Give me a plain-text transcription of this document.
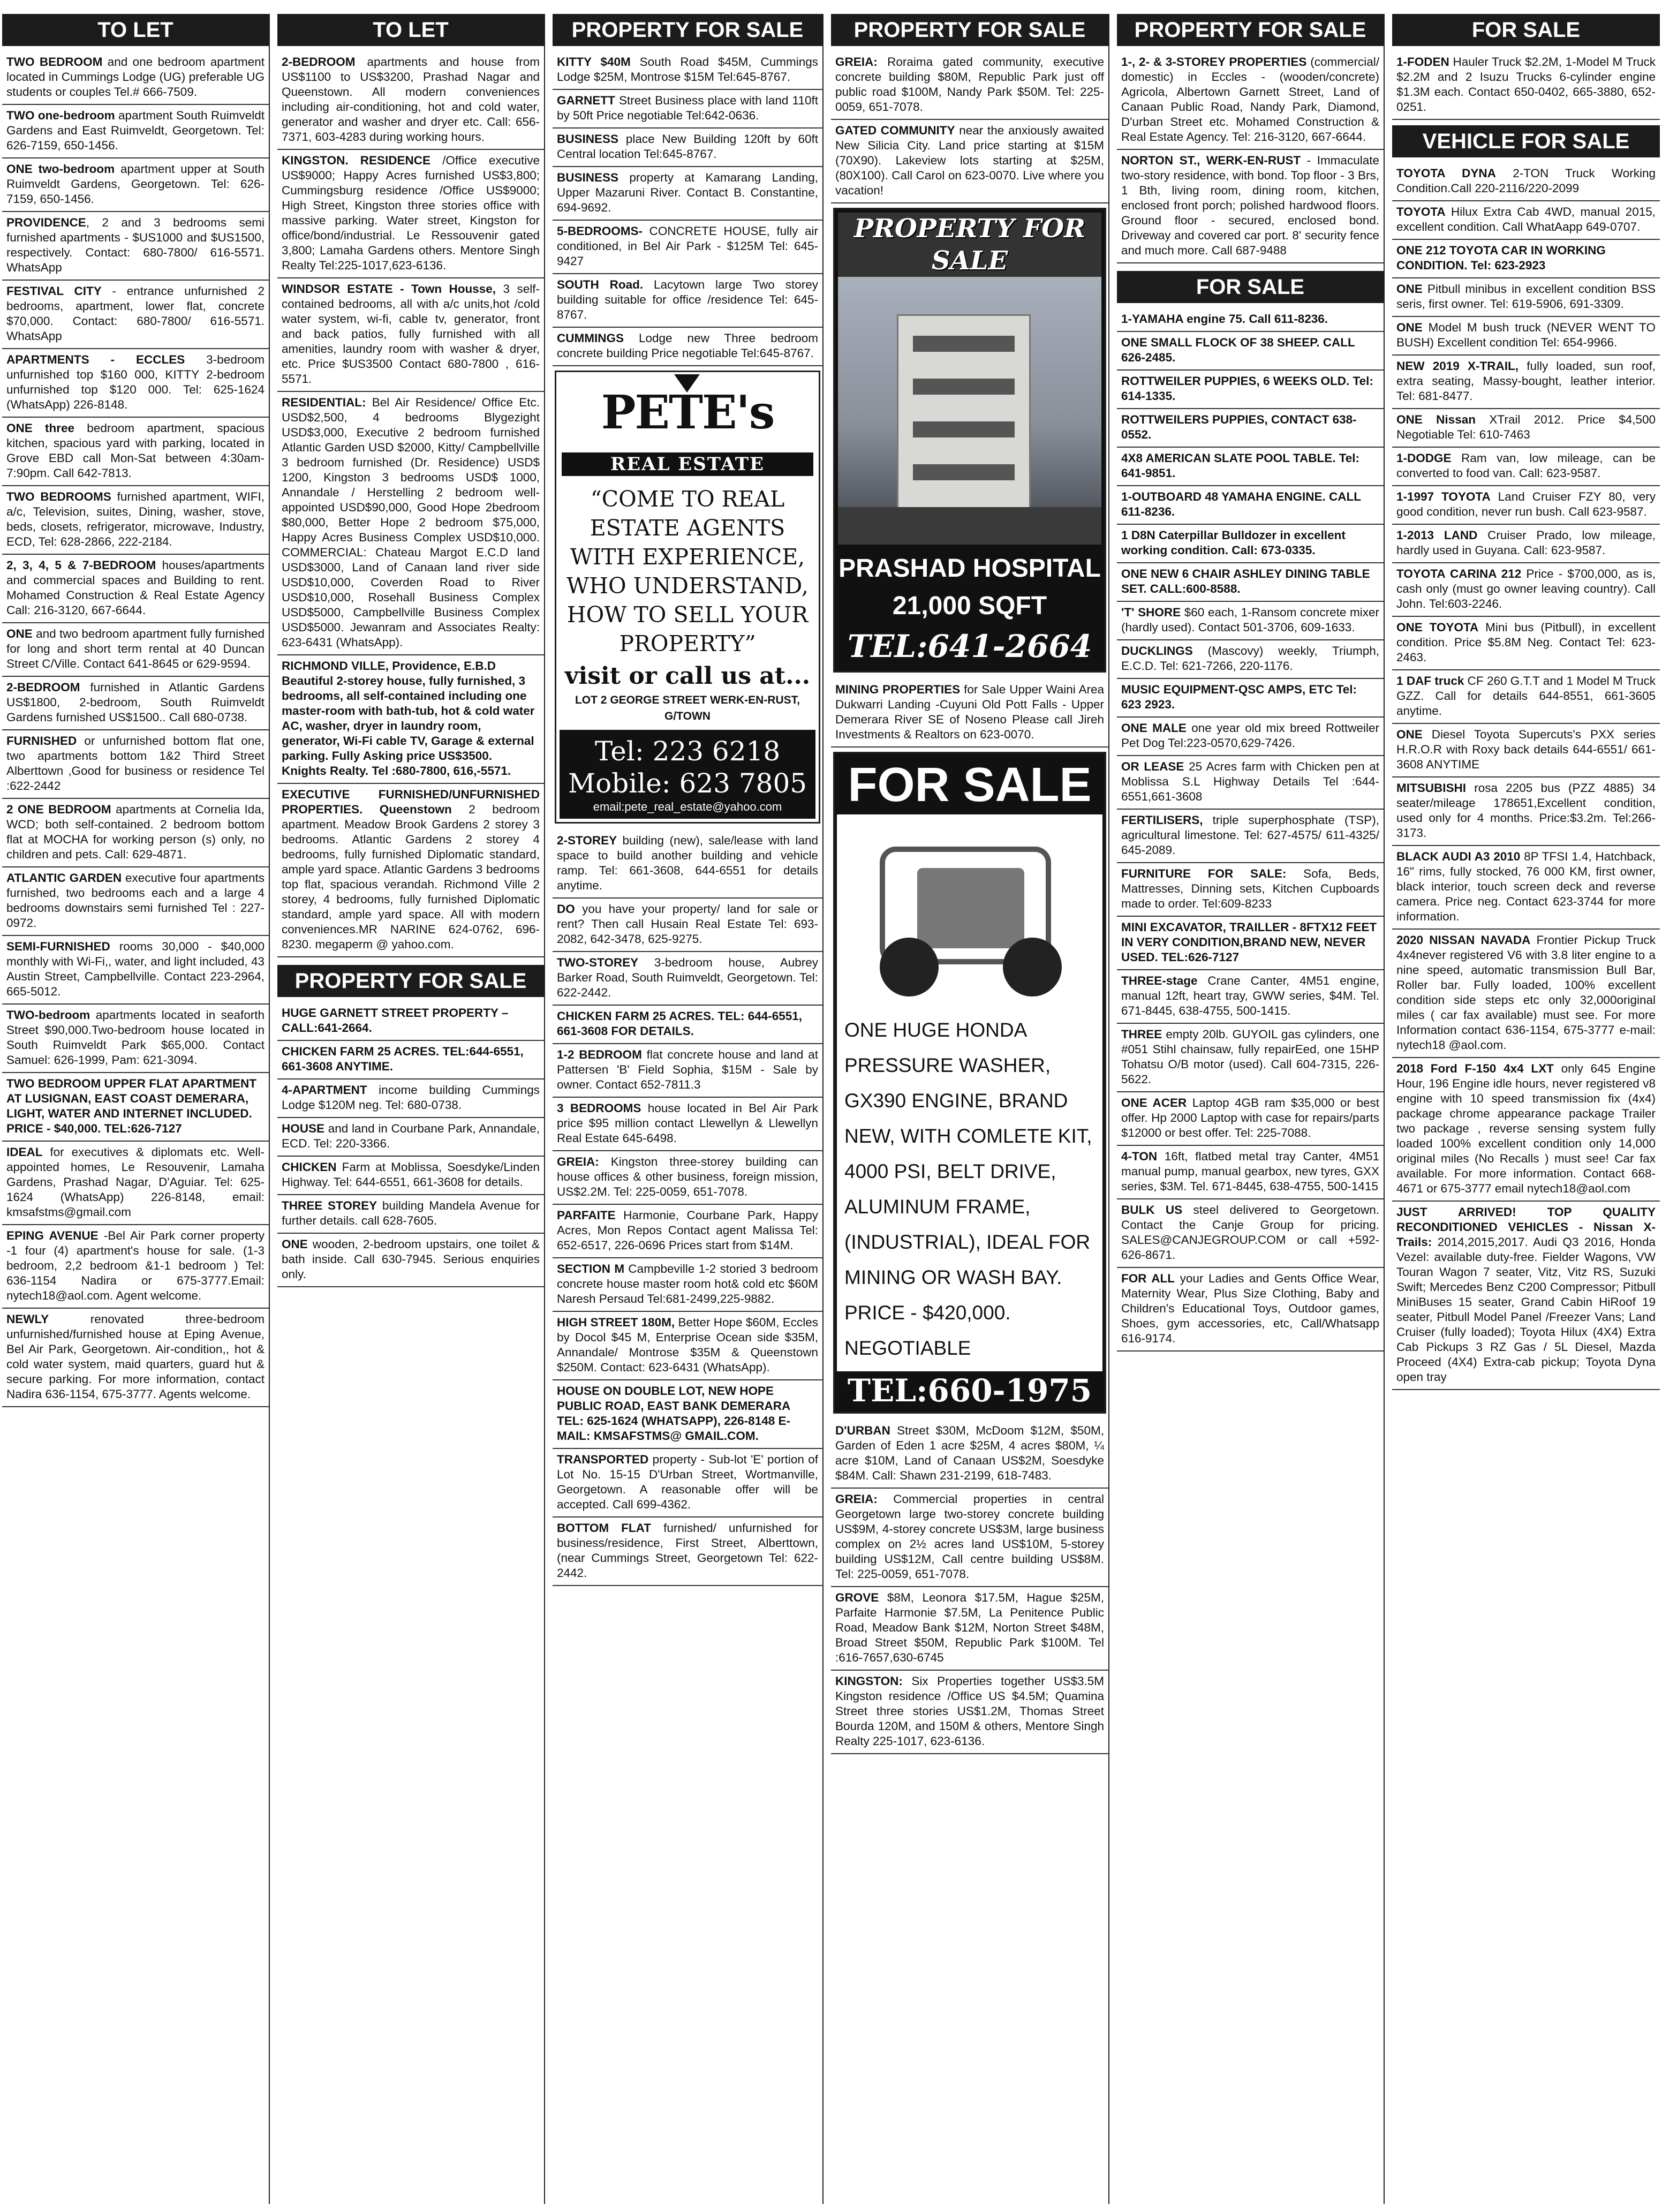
TO LET
TWO BEDROOM and one bedroom apartment located in Cummings Lodge (UG) preferable UG students or couples Tel.# 666-7509.
TWO one-bedroom apartment South Ruimveldt Gardens and East Ruimveldt, Georgetown. Tel: 626-7159, 650-1456.
ONE two-bedroom apartment upper at South Ruimveldt Gardens, Georgetown. Tel: 626-7159, 650-1456.
PROVIDENCE, 2 and 3 bedrooms semi furnished apartments - $US1000 and $US1500, respectively. Contact: 680-7800/ 616-5571. WhatsApp
FESTIVAL CITY - entrance unfurnished 2 bedrooms, apartment, lower flat, concrete $70,000. Contact: 680-7800/ 616-5571. WhatsApp
APARTMENTS - ECCLES 3-bedroom unfurnished top $160 000, KITTY 2-bedroom unfurnished top $120 000. Tel: 625-1624 (WhatsApp) 226-8148.
ONE three bedroom apartment, spacious kitchen, spacious yard with parking, located in Grove EBD call Mon-Sat between 4:30am-7:90pm. Call 642-7813.
TWO BEDROOMS furnished apartment, WIFI, a/c, Television, suites, Dining, washer, stove, beds, closets, refrigerator, microwave, Industry, ECD, Tel: 628-2866, 222-2184.
2, 3, 4, 5 & 7-BEDROOM houses/apartments and commercial spaces and Building to rent. Mohamed Construction & Real Estate Agency Call: 216-3120, 667-6644.
ONE and two bedroom apartment fully furnished for long and short term rental at 40 Duncan Street C/Ville. Contact 641-8645 or 629-9594.
2-BEDROOM furnished in Atlantic Gardens US$1800, 2-bedroom, South Ruimveldt Gardens furnished US$1500.. Call 680-0738.
FURNISHED or unfurnished bottom flat one, two apartments bottom 1&2 Third Street Alberttown ,Good for business or residence Tel :622-2442
2 ONE BEDROOM apartments at Cornelia Ida, WCD; both self-contained. 2 bedroom bottom flat at MOCHA for working person (s) only, no children and pets. Call: 629-4871.
ATLANTIC GARDEN executive four apartments furnished, two bedrooms each and a large 4 bedrooms downstairs semi furnished Tel : 227-0972.
SEMI-FURNISHED rooms 30,000 - $40,000 monthly with Wi-Fi,, water, and light included, 43 Austin Street, Campbellville. Contact 223-2964, 665-5012.
TWO-bedroom apartments located in seaforth Street $90,000.Two-bedroom house located in South Ruimveldt Park $65,000. Contact Samuel: 626-1999, Pam: 621-3094.
TWO BEDROOM UPPER FLAT APARTMENT AT LUSIGNAN, EAST COAST DEMERARA, LIGHT, WATER AND INTERNET INCLUDED. PRICE - $40,000. TEL:626-7127
IDEAL for executives & diplomats etc. Well-appointed homes, Le Resouvenir, Lamaha Gardens, Prashad Nagar, D'Aguiar. Tel: 625-1624 (WhatsApp) 226-8148, email: kmsafstms@gmail.com
EPING AVENUE -Bel Air Park corner property -1 four (4) apartment's house for sale. (1-3 bedroom, 2,2 bedroom &1-1 bedroom ) Tel: 636-1154 Nadira or 675-3777.Email: nytech18@aol.com. Agent welcome.
NEWLY renovated three-bedroom unfurnished/furnished house at Eping Avenue, Bel Air Park, Georgetown. Air-condition,, hot & cold water system, maid quarters, guard hut & secure parking. For more information, contact Nadira 636-1154, 675-3777. Agents welcome.
TO LET
2-BEDROOM apartments and house from US$1100 to US$3200, Prashad Nagar and Queenstown. All modern conveniences including air-conditioning, hot and cold water, generator and washer and dryer etc. Call: 656-7371, 603-4283 during working hours.
KINGSTON. RESIDENCE /Office executive US$9000; Happy Acres furnished US$3,800; Cummingsburg residence /Office US$9000; High Street, Kingston three stories office with massive parking. Water street, Kingston for office/bond/industrial. Le Ressouvenir gated 3,800; Lamaha Gardens others. Mentore Singh Realty Tel:225-1017,623-6136.
WINDSOR ESTATE - Town Housse, 3 self- contained bedrooms, all with a/c units,hot /cold water system, wi-fi, cable tv, generator, front and back patios, fully furnished with all amenities, laundry room with washer & dryer, etc. Price $US3500 Contact 680-7800 , 616-5571.
RESIDENTIAL: Bel Air Residence/ Office Etc. USD$2,500, 4 bedrooms Blygezight USD$3,000, Executive 2 bedroom furnished Atlantic Garden USD $2000, Kitty/ Campbellville 3 bedroom furnished (Dr. Residence) USD$ 1200, Kingston 3 bedrooms USD$ 1000, Annandale / Herstelling 2 bedroom well- appointed USD$90,000, Good Hope 2bedroom $80,000, Better Hope 2 bedroom $75,000, Happy Acres Business Complex USD$10,000. COMMERCIAL: Chateau Margot E.C.D land USD$3000, Land of Canaan land river side USD$10,000, Coverden Road to River USD$10,000, Rosehall Business Complex USD$5000, Campbellville Business Complex USD$5000. Jewanram and Associates Realty: 623-6431 (WhatsApp).
RICHMOND VILLE, Providence, E.B.D Beautiful 2-storey house, fully furnished, 3 bedrooms, all self-contained including one master-room with bath-tub, hot & cold water AC, washer, dryer in laundry room, generator, Wi-Fi cable TV, Garage & external parking. Fully Asking price US$3500. Knights Realty. Tel :680-7800, 616,-5571.
EXECUTIVE FURNISHED/UNFURNISHED PROPERTIES. Queenstown 2 bedroom apartment. Meadow Brook Gardens 2 storey 3 bedrooms. Atlantic Gardens 2 storey 4 bedrooms, fully furnished Diplomatic standard, ample yard space. Atlantic Gardens 3 bedrooms top flat, spacious verandah. Richmond Ville 2 storey, 4 bedrooms, fully furnished Diplomatic standard, ample yard space. All with modern conveniences.MR NARINE 624-0762, 696-8230. megaperm @ yahoo.com.
PROPERTY FOR SALE
HUGE GARNETT STREET PROPERTY – CALL:641-2664.
CHICKEN FARM 25 ACRES. TEL:644-6551, 661-3608 ANYTIME.
4-APARTMENT income building Cummings Lodge $120M neg. Tel: 680-0738.
HOUSE and land in Courbane Park, Annandale, ECD. Tel: 220-3366.
CHICKEN Farm at Moblissa, Soesdyke/Linden Highway. Tel: 644-6551, 661-3608 for details.
THREE STOREY building Mandela Avenue for further details. call 628-7605.
ONE wooden, 2-bedroom upstairs, one toilet & bath inside. Call 630-7945. Serious enquiries only.
PROPERTY FOR SALE
KITTY $40M South Road $45M, Cummings Lodge $25M, Montrose $15M Tel:645-8767.
GARNETT Street Business place with land 110ft by 50ft Price negotiable Tel:642-0636.
BUSINESS place New Building 120ft by 60ft Central location Tel:645-8767.
BUSINESS property at Kamarang Landing, Upper Mazaruni River. Contact B. Constantine, 694-9692.
5-BEDROOMS- CONCRETE HOUSE, fully air conditioned, in Bel Air Park - $125M Tel: 645-9427
SOUTH Road. Lacytown large Two storey building suitable for office /residence Tel: 645-8767.
CUMMINGS Lodge new Three bedroom concrete building Price negotiable Tel:645-8767.
PETE's
REAL ESTATE
“COME TO REAL ESTATE AGENTS WITH EXPERIENCE, WHO UNDERSTAND, HOW TO SELL YOUR PROPERTY”
visit or call us at...
LOT 2 GEORGE STREET WERK-EN-RUST, G/TOWN
Tel: 223 6218
Mobile: 623 7805
email:pete_real_estate@yahoo.com
2-STOREY building (new), sale/lease with land space to build another building and vehicle ramp. Tel: 661-3608, 644-6551 for details anytime.
DO you have your property/ land for sale or rent? Then call Husain Real Estate Tel: 693-2082, 642-3478, 625-9275.
TWO-STOREY 3-bedroom house, Aubrey Barker Road, South Ruimveldt, Georgetown. Tel: 622-2442.
CHICKEN FARM 25 ACRES. TEL: 644-6551, 661-3608 FOR DETAILS.
1-2 BEDROOM flat concrete house and land at Pattersen 'B' Field Sophia, $15M - Sale by owner. Contact 652-7811.3
3 BEDROOMS house located in Bel Air Park price $95 million contact Llewellyn & Llewellyn Real Estate 645-6498.
GREIA: Kingston three-storey building can house offices & other business, foreign mission, US$2.2M. Tel: 225-0059, 651-7078.
PARFAITE Harmonie, Courbane Park, Happy Acres, Mon Repos Contact agent Malissa Tel: 652-6517, 226-0696 Prices start from $14M.
SECTION M Campbeville 1-2 storied 3 bedroom concrete house master room hot& cold etc $60M Naresh Persaud Tel:681-2499,225-9882.
HIGH STREET 180M, Better Hope $60M, Eccles by Docol $45 M, Enterprise Ocean side $35M, Annandale/ Montrose $35M & Queenstown $250M. Contact: 623-6431 (WhatsApp).
HOUSE ON DOUBLE LOT, NEW HOPE PUBLIC ROAD, EAST BANK DEMERARA TEL: 625-1624 (WHATSAPP), 226-8148 E-MAIL: KMSAFSTMS@ GMAIL.COM.
TRANSPORTED property - Sub-lot 'E' portion of Lot No. 15-15 D'Urban Street, Wortmanville, Georgetown. A reasonable offer will be accepted. Call 699-4362.
BOTTOM FLAT furnished/ unfurnished for business/residence, First Street, Alberttown, (near Cummings Street, Georgetown Tel: 622-2442.
PROPERTY FOR SALE
GREIA: Roraima gated community, executive concrete building $80M, Republic Park just off public road $100M, Nandy Park $50M. Tel: 225-0059, 651-7078.
GATED COMMUNITY near the anxiously awaited New Silicia City. Land price starting at $15M (70X90). Lakeview lots starting at $25M, (80X100). Call Carol on 623-0070. Live where you vacation!
PROPERTY FOR SALE
PRASHAD HOSPITAL
21,000 SQFT
TEL:641-2664
MINING PROPERTIES for Sale Upper Waini Area Dukwarri Landing -Cuyuni Old Pott Falls - Upper Demerara River SE of Noseno Please call Jireh Investments & Realtors on 623-0070.
FOR SALE
ONE HUGE HONDA PRESSURE WASHER, GX390 ENGINE, BRAND NEW, WITH COMLETE KIT, 4000 PSI, BELT DRIVE, ALUMINUM FRAME, (INDUSTRIAL), IDEAL FOR MINING OR WASH BAY. PRICE - $420,000. NEGOTIABLE
TEL:660-1975
D'URBAN Street $30M, McDoom $12M, $50M, Garden of Eden 1 acre $25M, 4 acres $80M, ¼ acre $10M, Land of Canaan US$2M, Soesdyke $84M. Call: Shawn 231-2199, 618-7483.
GREIA: Commercial properties in central Georgetown large two-storey concrete building US$9M, 4-storey concrete US$3M, large business complex on 2½ acres land US$10M, 5-storey building US$12M, Call centre building US$8M. Tel: 225-0059, 651-7078.
GROVE $8M, Leonora $17.5M, Hague $25M, Parfaite Harmonie $7.5M, La Penitence Public Road, Meadow Bank $12M, Norton Street $48M, Broad Street $50M, Republic Park $100M. Tel :616-7657,630-6745
KINGSTON: Six Properties together US$3.5M Kingston residence /Office US $4.5M; Quamina Street three stories US$1.2M, Thomas Street Bourda 120M, and 150M & others, Mentore Singh Realty 225-1017, 623-6136.
PROPERTY FOR SALE
1-, 2- & 3-STOREY PROPERTIES (commercial/ domestic) in Eccles - (wooden/concrete) Agricola, Albertown Garnett Street, Land of Canaan Public Road, Nandy Park, Diamond, D'urban Street etc. Mohamed Construction & Real Estate Agency. Tel: 216-3120, 667-6644.
NORTON ST., WERK-EN-RUST - Immaculate two-story residence, with bond. Top floor - 3 Brs, 1 Bth, living room, dining room, kitchen, enclosed front porch; polished hardwood floors. Ground floor - secured, enclosed bond. Driveway and covered car port. 8' security fence and much more. Call 687-9488
FOR SALE
1-YAMAHA engine 75. Call 611-8236.
ONE SMALL FLOCK OF 38 SHEEP. CALL 626-2485.
ROTTWEILER PUPPIES, 6 WEEKS OLD. Tel: 614-1335.
ROTTWEILERS PUPPIES, CONTACT 638-0552.
4X8 AMERICAN SLATE POOL TABLE. Tel: 641-9851.
1-OUTBOARD 48 YAMAHA ENGINE. CALL 611-8236.
1 D8N Caterpillar Bulldozer in excellent working condition. Call: 673-0335.
ONE NEW 6 CHAIR ASHLEY DINING TABLE SET. CALL:600-8588.
'T' SHORE $60 each, 1-Ransom concrete mixer (hardly used). Contact 501-3706, 609-1633.
DUCKLINGS (Mascovy) weekly, Triumph, E.C.D. Tel: 621-7266, 220-1176.
MUSIC EQUIPMENT-QSC AMPS, ETC Tel: 623 2923.
ONE MALE one year old mix breed Rottweiler Pet Dog Tel:223-0570,629-7426.
OR LEASE 25 Acres farm with Chicken pen at Moblissa S.L Highway Details Tel :644-6551,661-3608
FERTILISERS, triple superphosphate (TSP), agricultural limestone. Tel: 627-4575/ 611-4325/ 645-2089.
FURNITURE FOR SALE: Sofa, Beds, Mattresses, Dinning sets, Kitchen Cupboards made to order. Tel:609-8233
MINI EXCAVATOR, TRAILLER - 8FTX12 FEET IN VERY CONDITION,BRAND NEW, NEVER USED. TEL:626-7127
THREE-stage Crane Canter, 4M51 engine, manual 12ft, heart tray, GWW series, $4M. Tel. 671-8445, 638-4755, 500-1415.
THREE empty 20lb. GUYOIL gas cylinders, one #051 Stihl chainsaw, fully repairEed, one 15HP Tohatsu O/B motor (used). Call 604-7315, 226-5622.
ONE ACER Laptop 4GB ram $35,000 or best offer. Hp 2000 Laptop with case for repairs/parts $12000 or best offer. Tel: 225-7088.
4-TON 16ft, flatbed metal tray Canter, 4M51 manual pump, manual gearbox, new tyres, GXX series, $3M. Tel. 671-8445, 638-4755, 500-1415
BULK US steel delivered to Georgetown. Contact the Canje Group for pricing. SALES@CANJEGROUP.COM or call +592-626-8671.
FOR ALL your Ladies and Gents Office Wear, Maternity Wear, Plus Size Clothing, Baby and Children's Educational Toys, Outdoor games, Shoes, gym accessories, etc, Call/Whatsapp 616-9174.
FOR SALE
1-FODEN Hauler Truck $2.2M, 1-Model M Truck $2.2M and 2 Isuzu Trucks 6-cylinder engine $1.3M each. Contact 650-0402, 665-3880, 652-0251.
VEHICLE FOR SALE
TOYOTA DYNA 2-TON Truck Working Condition.Call 220-2116/220-2099
TOYOTA Hilux Extra Cab 4WD, manual 2015, excellent condition. Call WhatAapp 649-0707.
ONE 212 TOYOTA CAR IN WORKING CONDITION. Tel: 623-2923
ONE Pitbull minibus in excellent condition BSS seris, first owner. Tel: 619-5906, 691-3309.
ONE Model M bush truck (NEVER WENT TO BUSH) Excellent condition Tel: 654-9966.
NEW 2019 X-TRAIL, fully loaded, sun roof, extra seating, Massy-bought, leather interior. Tel: 681-8477.
ONE Nissan XTrail 2012. Price $4,500 Negotiable Tel: 610-7463
1-DODGE Ram van, low mileage, can be converted to food van. Call: 623-9587.
1-1997 TOYOTA Land Cruiser FZY 80, very good condition, never run bush. Call 623-9587.
1-2013 LAND Cruiser Prado, low mileage, hardly used in Guyana. Call: 623-9587.
TOYOTA CARINA 212 Price - $700,000, as is, cash only (must go owner leaving country). Call John. Tel:603-2246.
ONE TOYOTA Mini bus (Pitbull), in excellent condition. Price $5.8M Neg. Contact Tel: 623-2463.
1 DAF truck CF 260 G.T.T and 1 Model M Truck GZZ. Call for details 644-8551, 661-3605 anytime.
ONE Diesel Toyota Supercuts's PXX series H.R.O.R with Roxy back details 644-6551/ 661-3608 ANYTIME
MITSUBISHI rosa 2205 bus (PZZ 4885) 34 seater/mileage 178651,Excellent condition, used only for 4 months. Price:$3.2m. Tel:266-3173.
BLACK AUDI A3 2010 8P TFSI 1.4, Hatchback, 16" rims, fully stocked, 76 000 KM, first owner, black interior, touch screen deck and reverse camera. Price neg. Contact 623-3744 for more information.
2020 NISSAN NAVADA Frontier Pickup Truck 4x4never registered V6 with 3.8 liter engine to a nine speed, automatic transmission Bull Bar, Roller bar. Fully loaded, 100% excellent condition side steps etc only 32,000original miles ( car fax available) must see. For more Information contact 636-1154, 675-3777 e-mail: nytech18 @aol.com.
2018 Ford F-150 4x4 LXT only 645 Engine Hour, 196 Engine idle hours, never registered v8 engine with 10 speed transmission fix (4x4) package chrome appearance package Trailer two package , reverse sensing system fully loaded 100% excellent condition only 14,000 original miles (No Recalls ) must see! Car fax available. For more information. Contact 668-4671 or 675-3777 email nytech18@aol.com
JUST ARRIVED! TOP QUALITY RECONDITIONED VEHICLES - Nissan X-Trails: 2014,2015,2017. Audi Q3 2016, Honda Vezel: available duty-free. Fielder Wagons, VW Touran Wagon 7 seater, Vitz, Vitz RS, Suzuki Swift; Mercedes Benz C200 Compressor; Pitbull MiniBuses 15 seater, Grand Cabin HiRoof 19 seater, Pitbull Model Panel /Freezer Vans; Land Cruiser (fully loaded); Toyota Hilux (4X4) Extra Cab Pickups 3 RZ Gas / 5L Diesel, Mazda Proceed (4X4) Extra-cab pickup; Toyota Dyna open tray
